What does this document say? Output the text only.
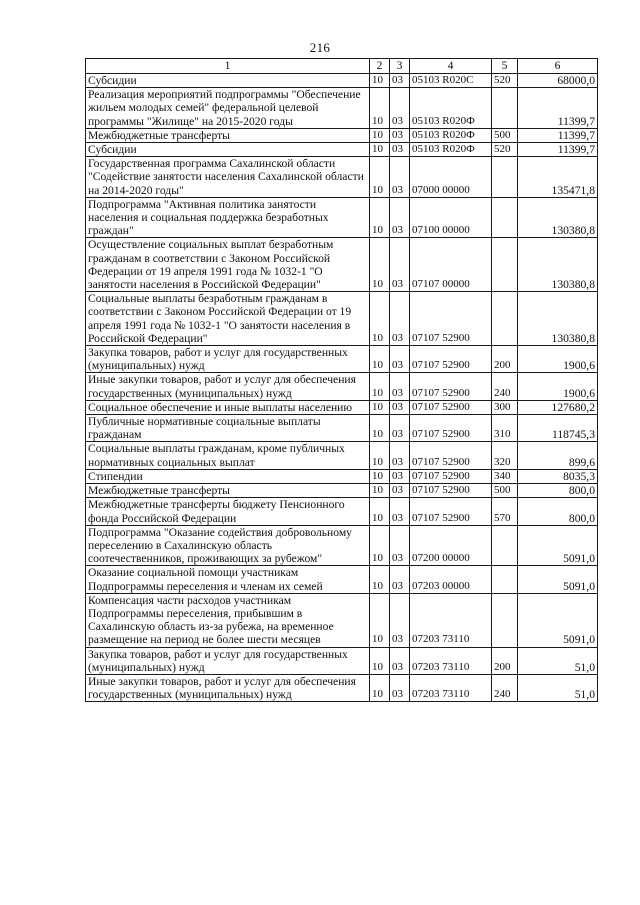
216
1	2	3	4	5	6
Субсидии	10	03	05103 R020С	520	68000,0
Реализация мероприятий подпрограммы "Обеспечение жильем молодых семей" федеральной целевой программы "Жилище" на 2015-2020 годы	10	03	05103 R020Ф		11399,7
Межбюджетные трансферты	10	03	05103 R020Ф	500	11399,7
Субсидии	10	03	05103 R020Ф	520	11399,7
Государственная программа Сахалинской области "Содействие занятости населения Сахалинской области на 2014-2020 годы"	10	03	07000 00000		135471,8
Подпрограмма "Активная политика занятости населения и социальная поддержка безработных граждан"	10	03	07100 00000		130380,8
Осуществление социальных выплат безработным гражданам в соответствии с Законом Российской Федерации от 19 апреля 1991 года № 1032-1 "О занятости населения в Российской Федерации"	10	03	07107 00000		130380,8
Социальные выплаты безработным гражданам в соответствии с Законом Российской Федерации от 19 апреля 1991 года № 1032-1 "О занятости населения в Российской Федерации"	10	03	07107 52900		130380,8
Закупка товаров, работ и услуг для государственных (муниципальных) нужд	10	03	07107 52900	200	1900,6
Иные закупки товаров, работ и услуг для обеспечения государственных (муниципальных) нужд	10	03	07107 52900	240	1900,6
Социальное обеспечение и иные выплаты населению	10	03	07107 52900	300	127680,2
Публичные нормативные социальные выплаты гражданам	10	03	07107 52900	310	118745,3
Социальные выплаты гражданам, кроме публичных нормативных социальных выплат	10	03	07107 52900	320	899,6
Стипендии	10	03	07107 52900	340	8035,3
Межбюджетные трансферты	10	03	07107 52900	500	800,0
Межбюджетные трансферты бюджету Пенсионного фонда Российской Федерации	10	03	07107 52900	570	800,0
Подпрограмма "Оказание содействия добровольному переселению в Сахалинскую область соотечественников, проживающих за рубежом"	10	03	07200 00000		5091,0
Оказание социальной помощи участникам Подпрограммы переселения и членам их семей	10	03	07203 00000		5091,0
Компенсация части расходов участникам Подпрограммы переселения, прибывшим в Сахалинскую область из-за рубежа, на временное размещение на период не более шести месяцев	10	03	07203 73110		5091,0
Закупка товаров, работ и услуг для государственных (муниципальных) нужд	10	03	07203 73110	200	51,0
Иные закупки товаров, работ и услуг для обеспечения государственных (муниципальных) нужд	10	03	07203 73110	240	51,0
